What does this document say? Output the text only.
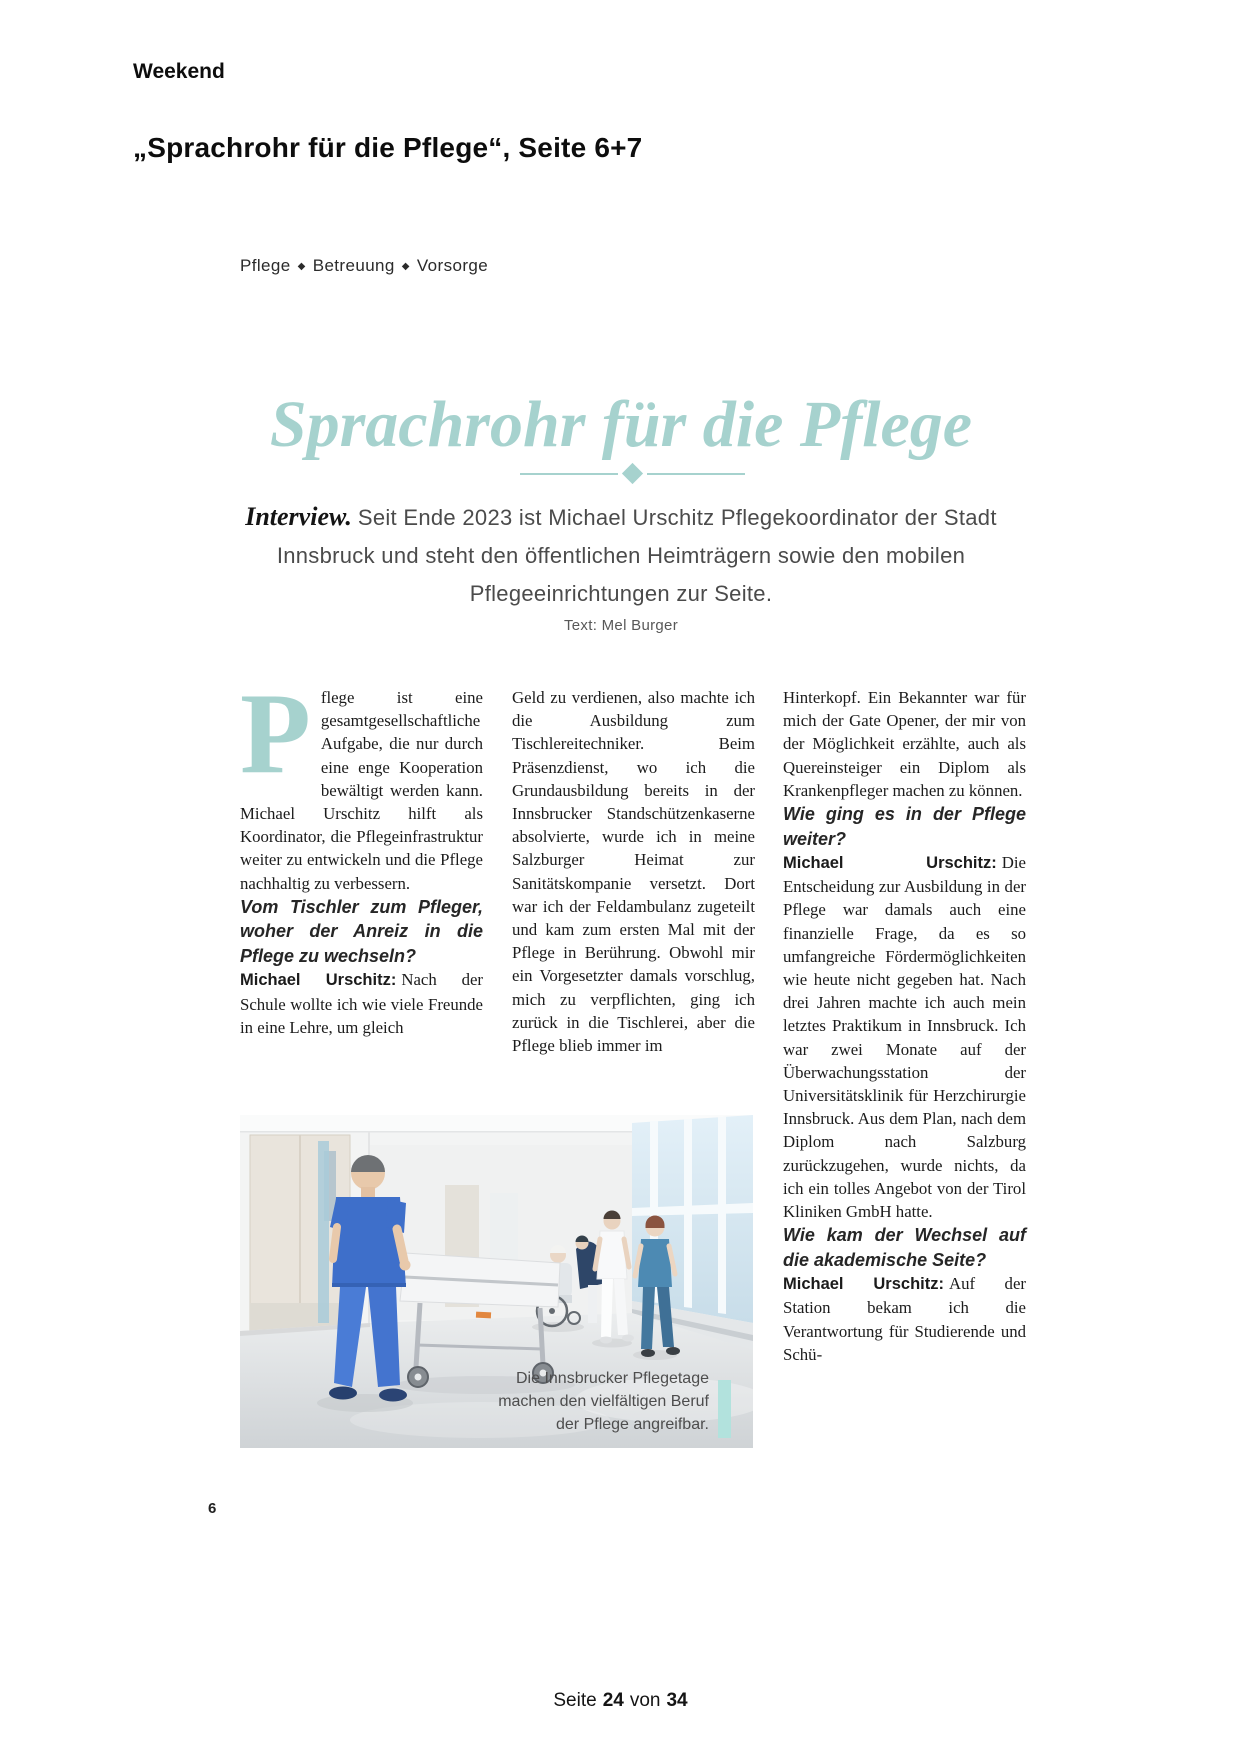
Weekend
„Sprachrohr für die Pflege“, Seite 6+7
Pflege ◆ Betreuung ◆ Vorsorge
Sprachrohr für die Pflege
Interview. Seit Ende 2023 ist Michael Urschitz Pflegekoordinator der Stadt Innsbruck und steht den öffentlichen Heimträgern sowie den mobilen Pflegeeinrichtungen zur Seite.
Text: Mel Burger

Pflege ist eine gesamtgesellschaftliche Aufgabe, die nur durch eine enge Kooperation bewältigt werden kann. Michael Urschitz hilft als Koordinator, die Pflegeinfrastruktur weiter zu entwickeln und die Pflege nachhaltig zu verbessern.

Vom Tischler zum Pfleger, woher der Anreiz in die Pflege zu wechseln?

Michael Urschitz: Nach der Schule wollte ich wie viele Freunde in eine Lehre, um gleich

Geld zu verdienen, also machte ich die Ausbildung zum Tischlereitechniker. Beim Präsenzdienst, wo ich die Grundausbildung bereits in der Innsbrucker Standschützenkaserne absolvierte, wurde ich in meine Salzburger Heimat zur Sanitätskompanie versetzt. Dort war ich der Feldambulanz zugeteilt und kam zum ersten Mal mit der Pflege in Berührung. Obwohl mir ein Vorgesetzter damals vorschlug, mich zu verpflichten, ging ich zurück in die Tischlerei, aber die Pflege blieb immer im

Hinterkopf. Ein Bekannter war für mich der Gate Opener, der mir von der Möglichkeit erzählte, auch als Quereinsteiger ein Diplom als Krankenpfleger machen zu können.

Wie ging es in der Pflege weiter?

Michael Urschitz: Die Entscheidung zur Ausbildung in der Pflege war damals auch eine finanzielle Frage, da es so umfangreiche Fördermöglichkeiten wie heute nicht gegeben hat. Nach drei Jahren machte ich auch mein letztes Praktikum in Innsbruck. Ich war zwei Monate auf der Überwachungsstation der Universitätsklinik für Herzchirurgie Innsbruck. Aus dem Plan, nach dem Diplom nach Salzburg zurückzugehen, wurde nichts, da ich ein tolles Angebot von der Tirol Kliniken GmbH hatte.

Wie kam der Wechsel auf die akademische Seite?

Michael Urschitz: Auf der Station bekam ich die Verantwortung für Studierende und Schü-

Die Innsbrucker Pflegetage
machen den vielfältigen Beruf
der Pflege angreifbar.
6
Seite 24 von 34
